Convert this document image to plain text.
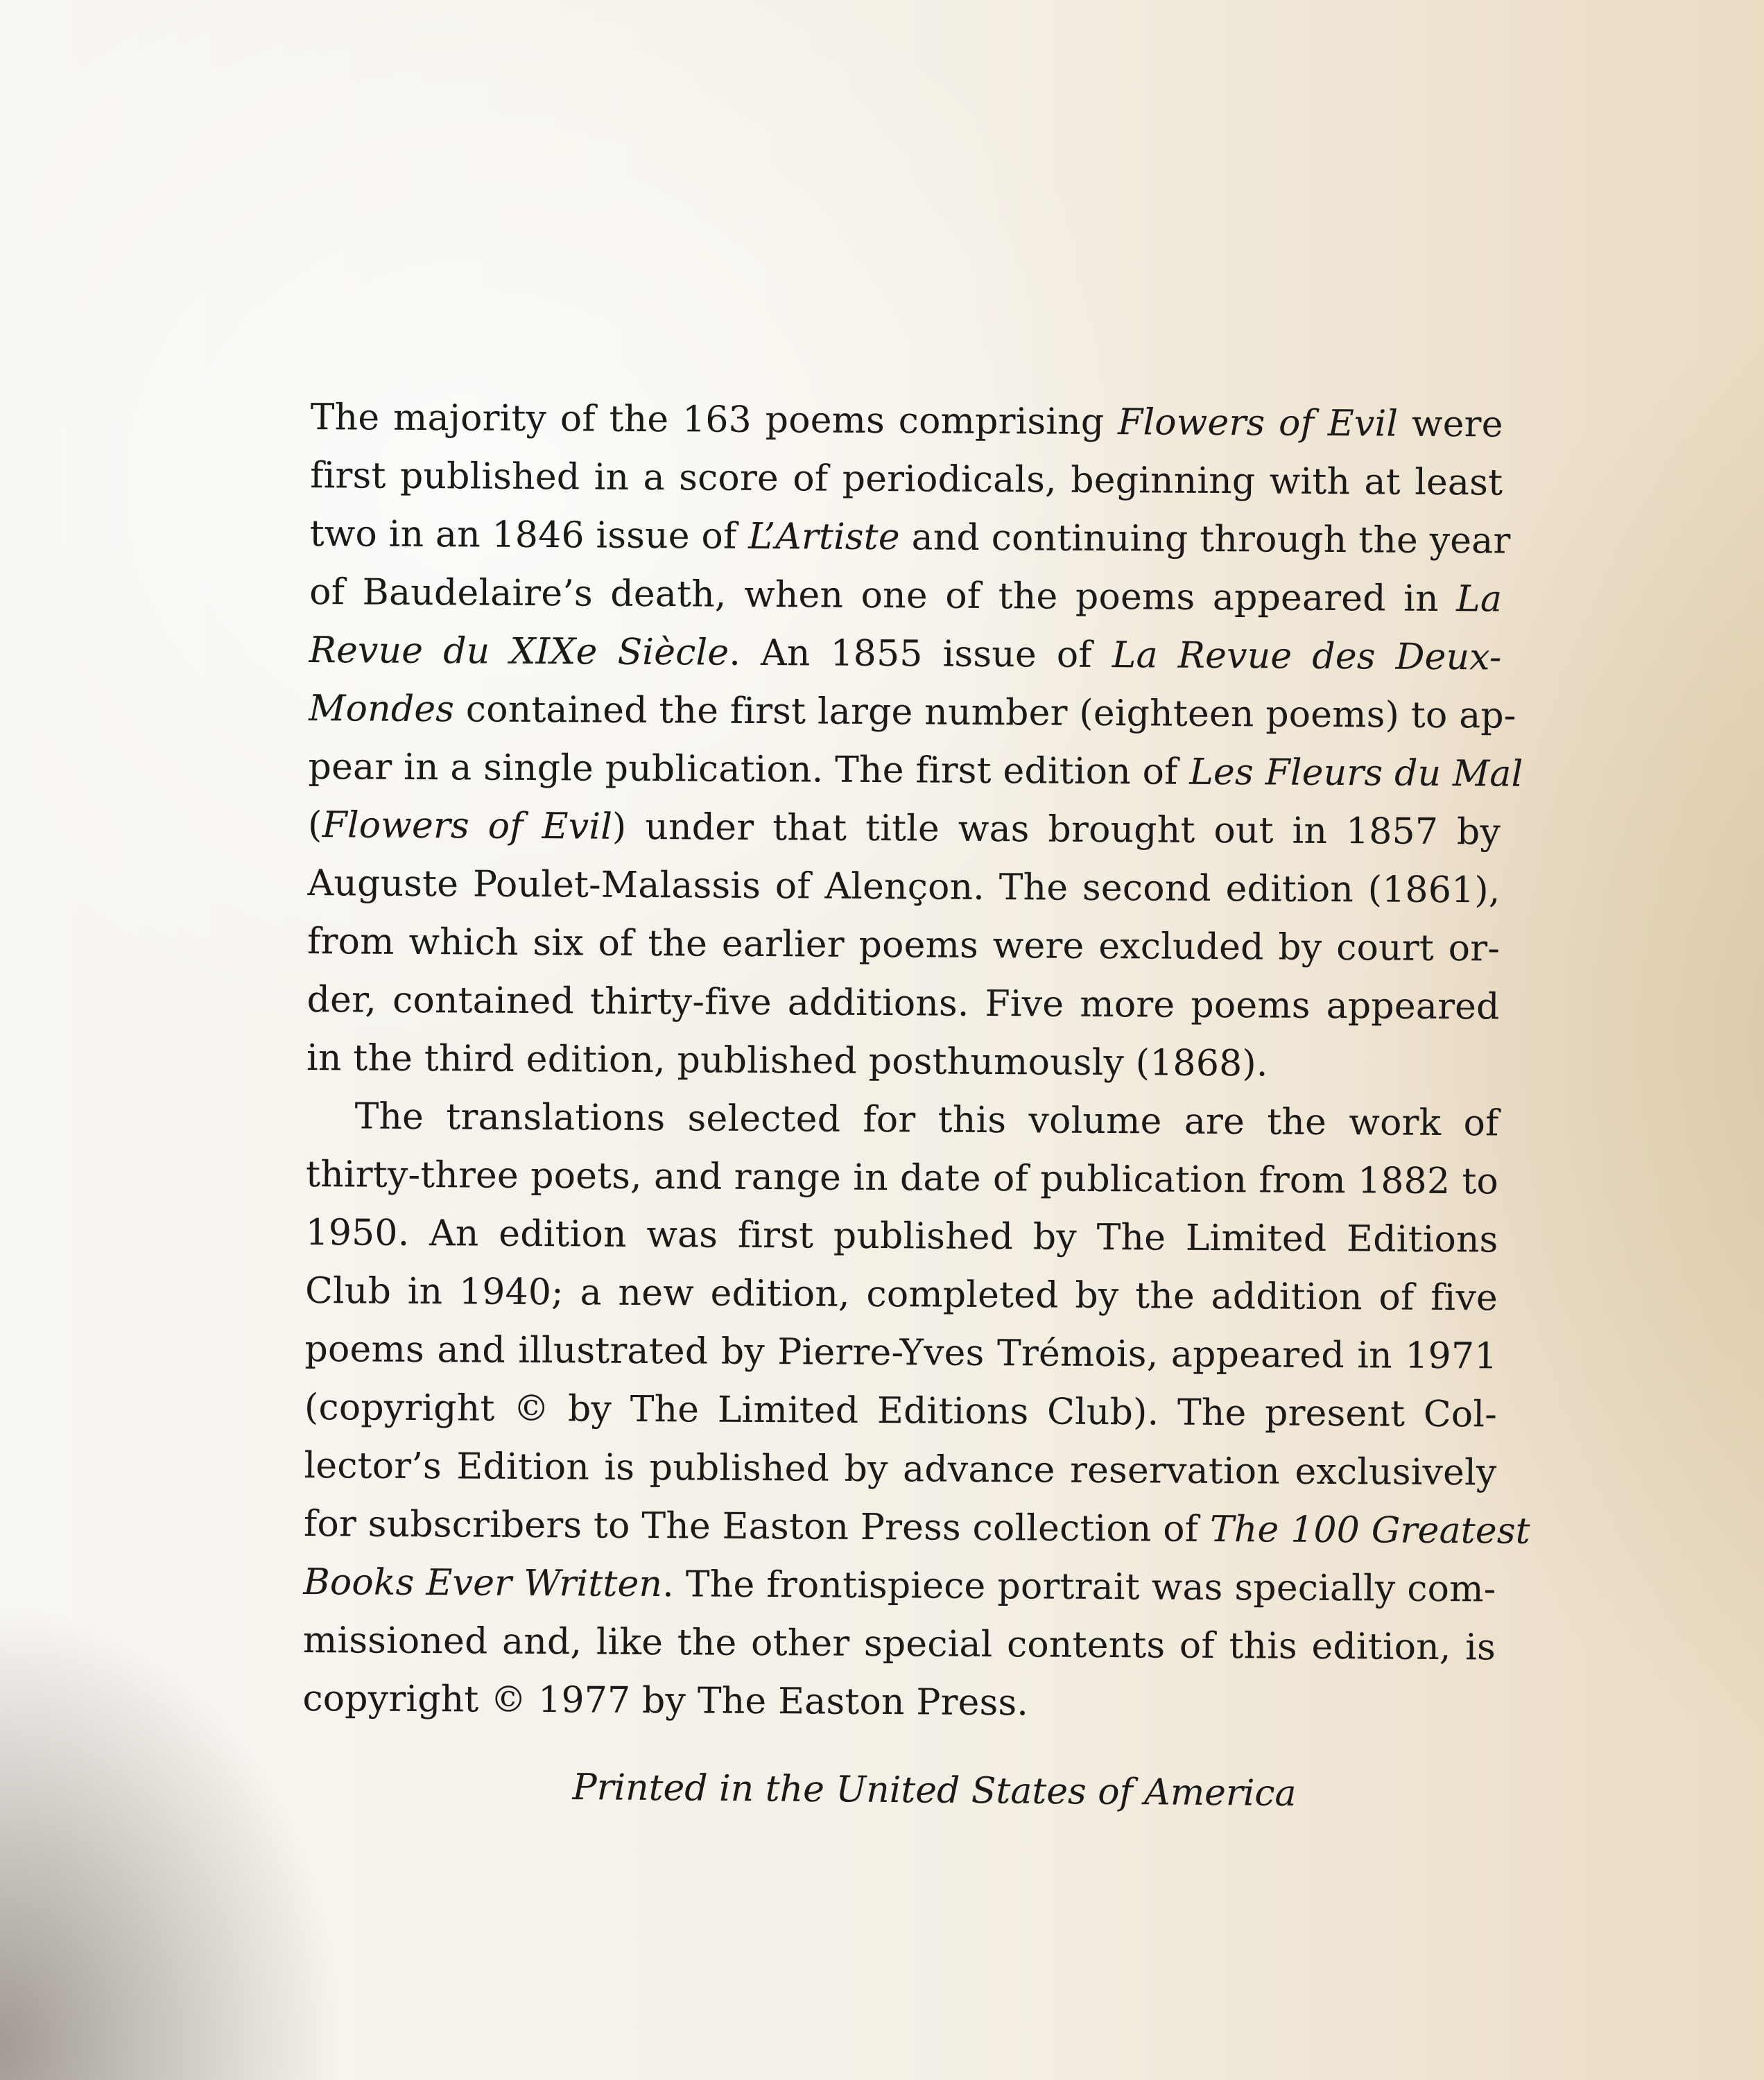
The majority of the 163 poems comprising Flowers of Evil were
first published in a score of periodicals, beginning with at least
two in an 1846 issue of L’Artiste and continuing through the year
of Baudelaire’s death, when one of the poems appeared in La
Revue du XIXe Siècle. An 1855 issue of La Revue des Deux-
Mondes contained the first large number (eighteen poems) to ap-
pear in a single publication. The first edition of Les Fleurs du Mal
(Flowers of Evil) under that title was brought out in 1857 by
Auguste Poulet-Malassis of Alençon. The second edition (1861),
from which six of the earlier poems were excluded by court or-
der, contained thirty-five additions. Five more poems appeared
in the third edition, published posthumously (1868).
The translations selected for this volume are the work of
thirty-three poets, and range in date of publication from 1882 to
1950. An edition was first published by The Limited Editions
Club in 1940; a new edition, completed by the addition of five
poems and illustrated by Pierre-Yves Trémois, appeared in 1971
(copyright © by The Limited Editions Club). The present Col-
lector’s Edition is published by advance reservation exclusively
for subscribers to The Easton Press collection of The 100 Greatest
Books Ever Written. The frontispiece portrait was specially com-
missioned and, like the other special contents of this edition, is
copyright © 1977 by The Easton Press.
Printed in the United States of America
